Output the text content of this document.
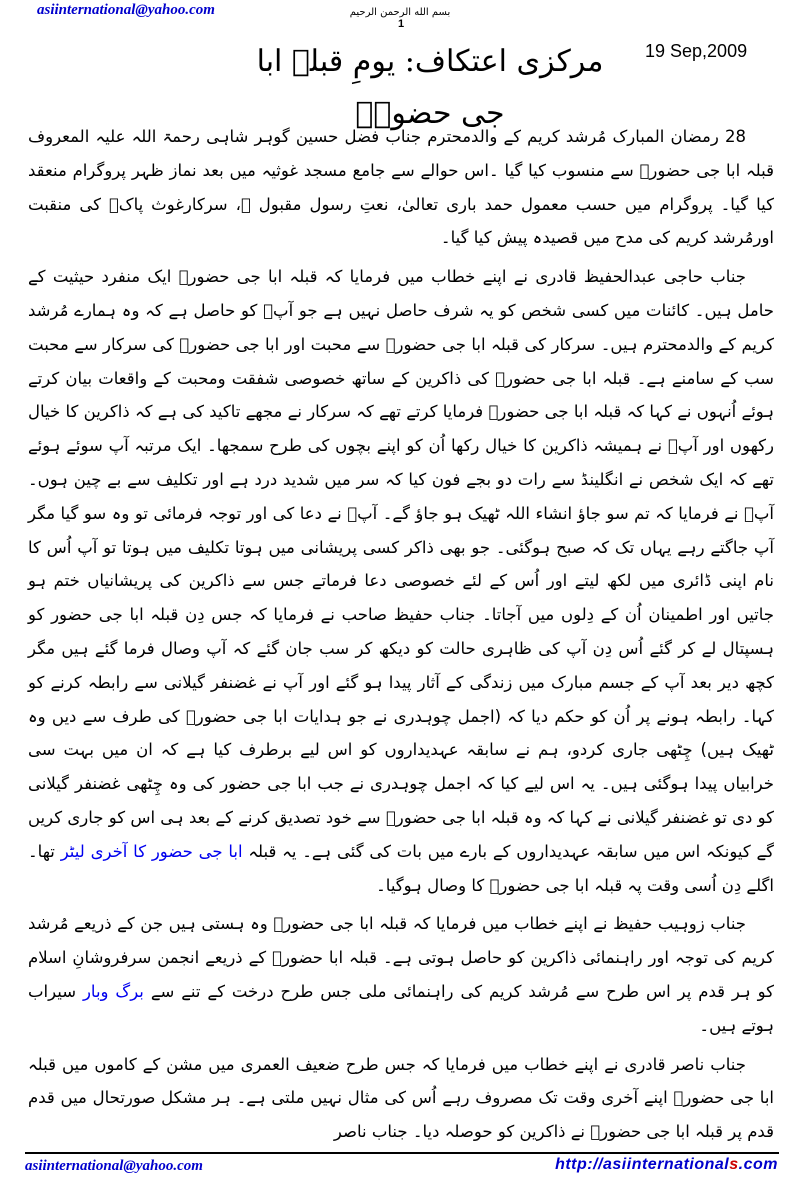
asiinternational@yahoo.com	بسم الله الرحمن الرحیم
1
19 Sep,2009
مرکزی اعتکاف: یومِ قبلہ ابا جی حضورؒ

28 رمضان المبارک مُرشد کریم کے والدمحترم جناب فضل حسین گوہر شاہی رحمۃ اللہ علیہ المعروف قبلہ ابا جی حضورؒ سے منسوب کیا گیا ۔اس حوالے سے جامع مسجد غوثیہ میں بعد نماز ظہر پروگرام منعقد کیا گیا۔ پروگرام میں حسب معمول حمد باری تعالیٰ، نعتِ رسول مقبول ﷺ، سرکارغوث پاکؓ کی منقبت اورمُرشد کریم کی مدح میں قصیدہ پیش کیا گیا۔

جناب حاجی عبدالحفیظ قادری نے اپنے خطاب میں فرمایا کہ قبلہ ابا جی حضورؒ ایک منفرد حیثیت کے حامل ہیں۔ کائنات میں کسی شخص کو یہ شرف حاصل نہیں ہے جو آپؒ کو حاصل ہے کہ وہ ہمارے مُرشد کریم کے والدمحترم ہیں۔ سرکار کی قبلہ ابا جی حضورؒ سے محبت اور ابا جی حضورؒ کی سرکار سے محبت سب کے سامنے ہے۔ قبلہ ابا جی حضورؒ کی ذاکرین کے ساتھ خصوصی شفقت ومحبت کے واقعات بیان کرتے ہوئے اُنہوں نے کہا کہ قبلہ ابا جی حضورؒ فرمایا کرتے تھے کہ سرکار نے مجھے تاکید کی ہے کہ ذاکرین کا خیال رکھوں اور آپؒ نے ہمیشہ ذاکرین کا خیال رکھا اُن کو اپنے بچوں کی طرح سمجھا۔ ایک مرتبہ آپ سوئے ہوئے تھے کہ ایک شخص نے انگلینڈ سے رات دو بجے فون کیا کہ سر میں شدید درد ہے اور تکلیف سے بے چین ہوں۔ آپؒ نے فرمایا کہ تم سو جاؤ انشاء اللہ ٹھیک ہو جاؤ گے۔ آپؒ نے دعا کی اور توجہ فرمائی تو وہ سو گیا مگر آپ جاگتے رہے یہاں تک کہ صبح ہوگئی۔ جو بھی ذاکر کسی پریشانی میں ہوتا تکلیف میں ہوتا تو آپ اُس کا نام اپنی ڈائری میں لکھ لیتے اور اُس کے لئے خصوصی دعا فرماتے جس سے ذاکرین کی پریشانیاں ختم ہو جاتیں اور اطمینان اُن کے دِلوں میں آجاتا۔ جناب حفیظ صاحب نے فرمایا کہ جس دِن قبلہ ابا جی حضور کو ہسپتال لے کر گئے اُس دِن آپ کی ظاہری حالت کو دیکھ کر سب جان گئے کہ آپ وصال فرما گئے ہیں مگر کچھ دیر بعد آپ کے جسم مبارک میں زندگی کے آثار پیدا ہو گئے اور آپ نے غضنفر گیلانی سے رابطہ کرنے کو کہا۔ رابطہ ہونے پر اُن کو حکم دیا کہ (اجمل چوہدری نے جو ہدایات ابا جی حضورؒ کی طرف سے دیں وہ ٹھیک ہیں) چِٹھی جاری کردو، ہم نے سابقہ عہدیداروں کو اس لیے برطرف کیا ہے کہ ان میں بہت سی خرابیاں پیدا ہوگئی ہیں۔ یہ اس لیے کیا کہ اجمل چوہدری نے جب ابا جی حضور کی وہ چِٹھی غضنفر گیلانی کو دی تو غضنفر گیلانی نے کہا کہ وہ قبلہ ابا جی حضورؒ سے خود تصدیق کرنے کے بعد ہی اس کو جاری کریں گے کیونکہ اس میں سابقہ عہدیداروں کے بارے میں بات کی گئی ہے۔ یہ قبلہ ابا جی حضور کا آخری لیٹر تھا۔ اگلے دِن اُسی وقت پہ قبلہ ابا جی حضورؒ کا وصال ہوگیا۔

جناب زوہیب حفیظ نے اپنے خطاب میں فرمایا کہ قبلہ ابا جی حضورؒ وہ ہستی ہیں جن کے ذریعے مُرشد کریم کی توجہ اور راہنمائی ذاکرین کو حاصل ہوتی ہے۔ قبلہ ابا حضورؒ کے ذریعے انجمن سرفروشانِ اسلام کو ہر قدم پر اس طرح سے مُرشد کریم کی راہنمائی ملی جس طرح درخت کے تنے سے برگ وبار سیراب ہوتے ہیں۔

جناب ناصر قادری نے اپنے خطاب میں فرمایا کہ جس طرح ضعیف العمری میں مشن کے کاموں میں قبلہ ابا جی حضورؒ اپنے آخری وقت تک مصروف رہے اُس کی مثال نہیں ملتی ہے۔ ہر مشکل صورتحال میں قدم قدم پر قبلہ ابا جی حضورؒ نے ذاکرین کو حوصلہ دیا۔ جناب ناصر

asiinternational@yahoo.com	http://asiinternationals.com
